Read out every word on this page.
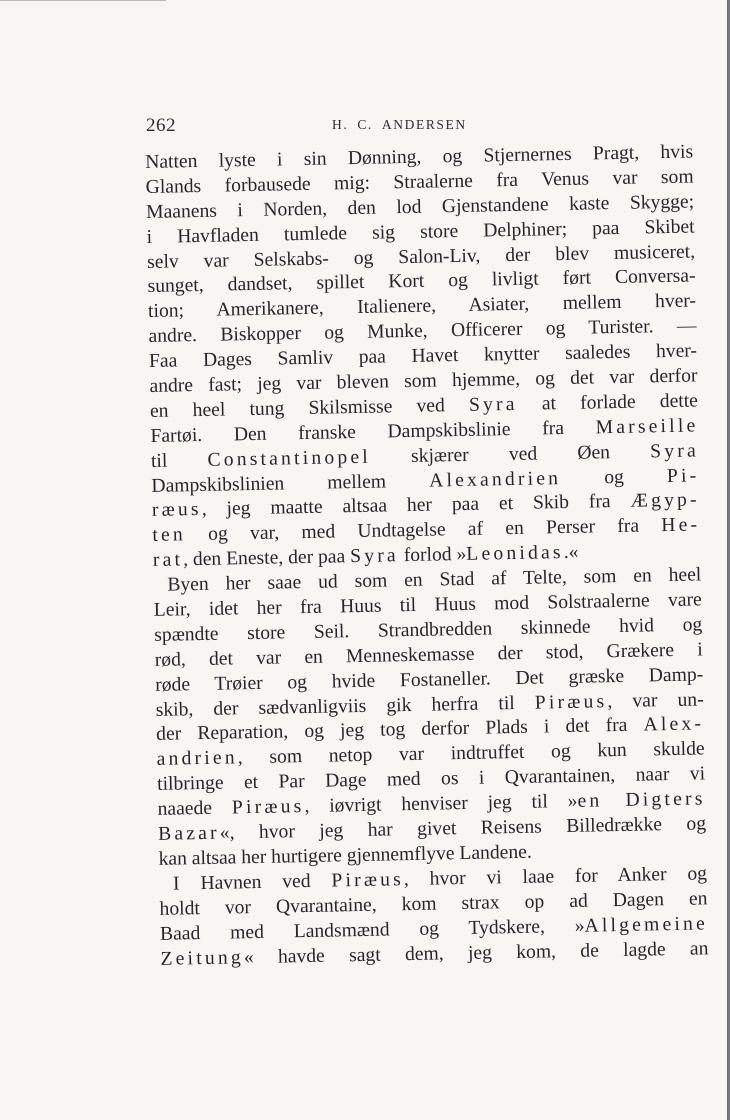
262	H. C. ANDERSEN
Natten lyste i sin Dønning, og Stjernernes Pragt, hvis
Glands forbausede mig: Straalerne fra Venus var som
Maanens i Norden, den lod Gjenstandene kaste Skygge;
i Havfladen tumlede sig store Delphiner; paa Skibet
selv var Selskabs- og Salon-Liv, der blev musiceret,
sunget, dandset, spillet Kort og livligt ført Conversa-
tion; Amerikanere, Italienere, Asiater, mellem hver-
andre. Biskopper og Munke, Officerer og Turister. —
Faa Dages Samliv paa Havet knytter saaledes hver-
andre fast; jeg var bleven som hjemme, og det var derfor
en heel tung Skilsmisse ved Syra at forlade dette
Fartøi. Den franske Dampskibslinie fra Marseille
til Constantinopel skjærer ved Øen Syra
Dampskibslinien mellem Alexandrien og Pi-
ræus, jeg maatte altsaa her paa et Skib fra Ægyp-
ten og var, med Undtagelse af en Perser fra He-
rat, den Eneste, der paa Syra forlod »Leonidas.«
Byen her saae ud som en Stad af Telte, som en heel
Leir, idet her fra Huus til Huus mod Solstraalerne vare
spændte store Seil. Strandbredden skinnede hvid og
rød, det var en Menneskemasse der stod, Grækere i
røde Trøier og hvide Fostaneller. Det græske Damp-
skib, der sædvanligviis gik herfra til Piræus, var un-
der Reparation, og jeg tog derfor Plads i det fra Alex-
andrien, som netop var indtruffet og kun skulde
tilbringe et Par Dage med os i Qvarantainen, naar vi
naaede Piræus, iøvrigt henviser jeg til »en Digters
Bazar«, hvor jeg har givet Reisens Billedrække og
kan altsaa her hurtigere gjennemflyve Landene.
I Havnen ved Piræus, hvor vi laae for Anker og
holdt vor Qvarantaine, kom strax op ad Dagen en
Baad med Landsmænd og Tydskere, »Allgemeine
Zeitung« havde sagt dem, jeg kom, de lagde an
